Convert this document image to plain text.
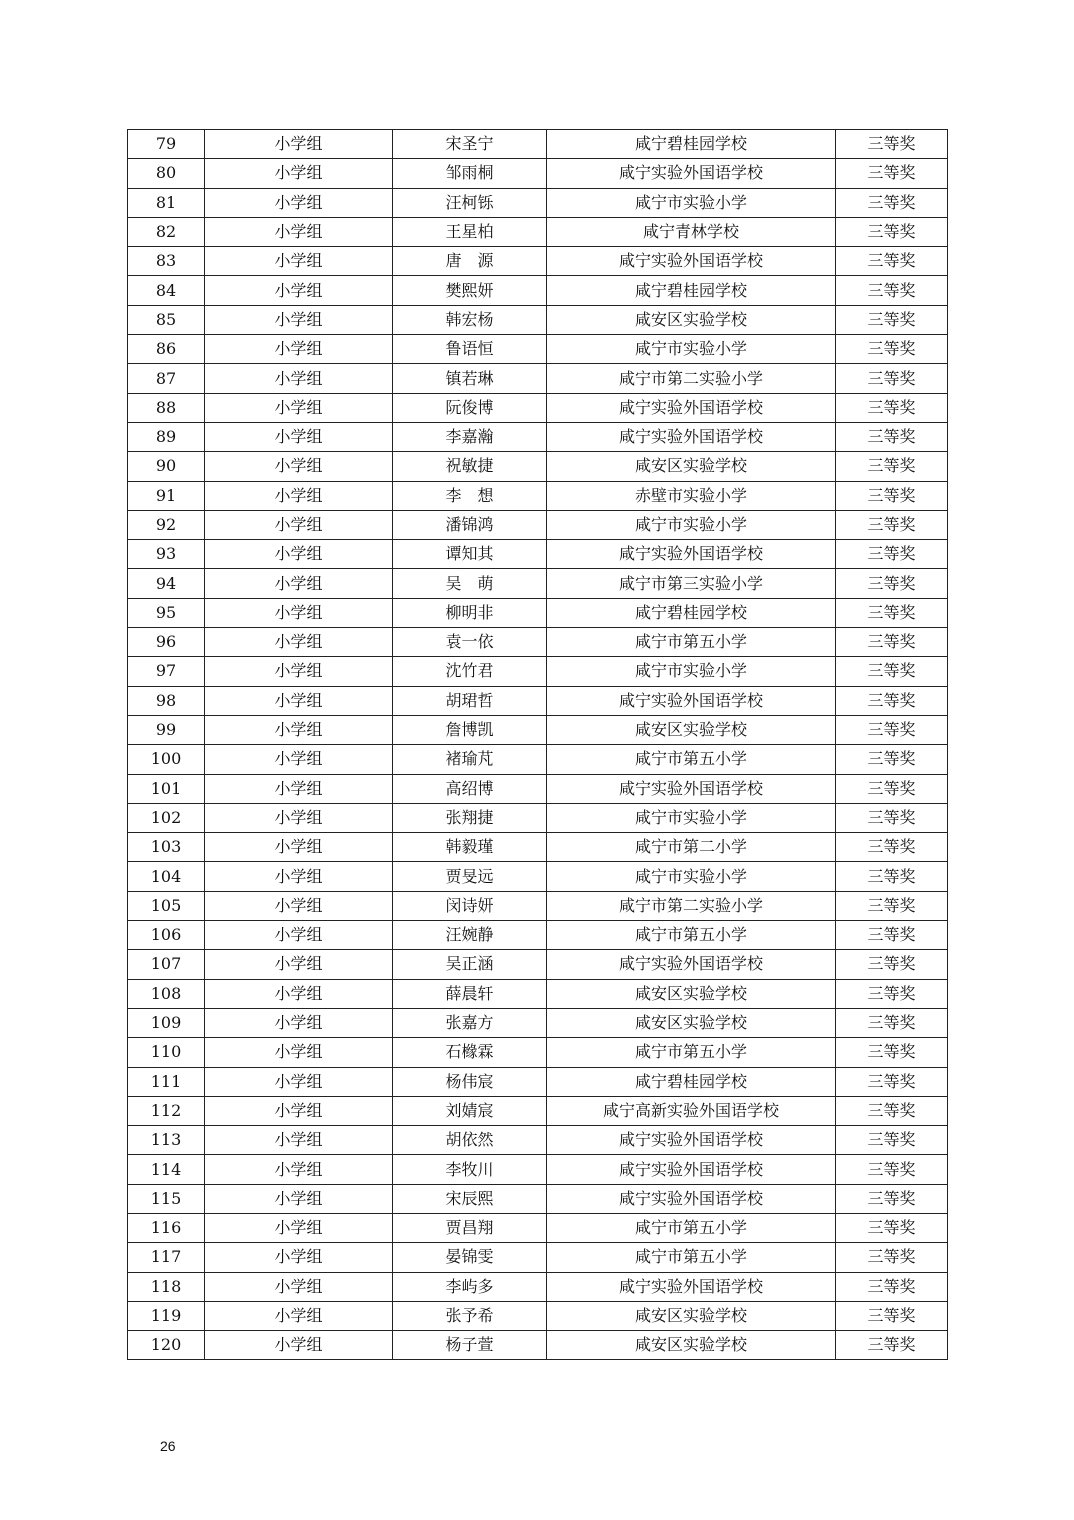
79	小学组	宋圣宁	咸宁碧桂园学校	三等奖
80	小学组	邹雨桐	咸宁实验外国语学校	三等奖
81	小学组	汪柯铄	咸宁市实验小学	三等奖
82	小学组	王星柏	咸宁青林学校	三等奖
83	小学组	唐　源	咸宁实验外国语学校	三等奖
84	小学组	樊熙妍	咸宁碧桂园学校	三等奖
85	小学组	韩宏杨	咸安区实验学校	三等奖
86	小学组	鲁语恒	咸宁市实验小学	三等奖
87	小学组	镇若琳	咸宁市第二实验小学	三等奖
88	小学组	阮俊博	咸宁实验外国语学校	三等奖
89	小学组	李嘉瀚	咸宁实验外国语学校	三等奖
90	小学组	祝敏捷	咸安区实验学校	三等奖
91	小学组	李　想	赤壁市实验小学	三等奖
92	小学组	潘锦鸿	咸宁市实验小学	三等奖
93	小学组	谭知其	咸宁实验外国语学校	三等奖
94	小学组	吴　萌	咸宁市第三实验小学	三等奖
95	小学组	柳明非	咸宁碧桂园学校	三等奖
96	小学组	袁一依	咸宁市第五小学	三等奖
97	小学组	沈竹君	咸宁市实验小学	三等奖
98	小学组	胡珺哲	咸宁实验外国语学校	三等奖
99	小学组	詹博凯	咸安区实验学校	三等奖
100	小学组	褚瑜芃	咸宁市第五小学	三等奖
101	小学组	高绍博	咸宁实验外国语学校	三等奖
102	小学组	张翔捷	咸宁市实验小学	三等奖
103	小学组	韩毅瑾	咸宁市第二小学	三等奖
104	小学组	贾旻远	咸宁市实验小学	三等奖
105	小学组	闵诗妍	咸宁市第二实验小学	三等奖
106	小学组	汪婉静	咸宁市第五小学	三等奖
107	小学组	吴正涵	咸宁实验外国语学校	三等奖
108	小学组	薛晨轩	咸安区实验学校	三等奖
109	小学组	张嘉方	咸安区实验学校	三等奖
110	小学组	石橼霖	咸宁市第五小学	三等奖
111	小学组	杨伟宸	咸宁碧桂园学校	三等奖
112	小学组	刘婧宸	咸宁高新实验外国语学校	三等奖
113	小学组	胡依然	咸宁实验外国语学校	三等奖
114	小学组	李牧川	咸宁实验外国语学校	三等奖
115	小学组	宋辰熙	咸宁实验外国语学校	三等奖
116	小学组	贾昌翔	咸宁市第五小学	三等奖
117	小学组	晏锦雯	咸宁市第五小学	三等奖
118	小学组	李屿多	咸宁实验外国语学校	三等奖
119	小学组	张予希	咸安区实验学校	三等奖
120	小学组	杨子萱	咸安区实验学校	三等奖
26
